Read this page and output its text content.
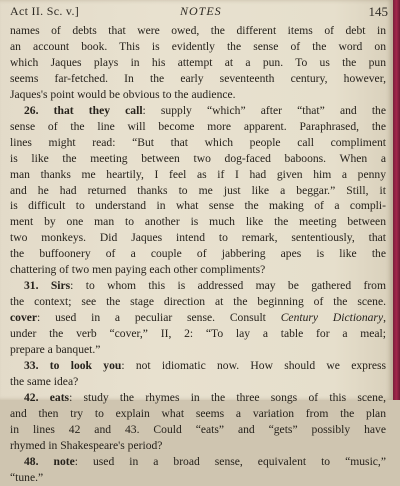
Act II. Sc. v.]	NOTES	145
names of debts that were owed, the different items of debt in
an account book. This is evidently the sense of the word on
which Jaques plays in his attempt at a pun. To us the pun
seems far-fetched. In the early seventeenth century, however,
Jaques's point would be obvious to the audience.
26. that they call: supply “which” after “that” and the
sense of the line will become more apparent. Paraphrased, the
lines might read: “But that which people call compliment
is like the meeting between two dog-faced baboons. When a
man thanks me heartily, I feel as if I had given him a penny
and he had returned thanks to me just like a beggar.” Still, it
is difficult to understand in what sense the making of a compli-
ment by one man to another is much like the meeting between
two monkeys. Did Jaques intend to remark, sententiously, that
the buffoonery of a couple of jabbering apes is like the
chattering of two men paying each other compliments?
31. Sirs: to whom this is addressed may be gathered from
the context; see the stage direction at the beginning of the scene.
cover: used in a peculiar sense. Consult Century Dictionary,
under the verb “cover,” II, 2: “To lay a table for a meal;
prepare a banquet.”
33. to look you: not idiomatic now. How should we express
the same idea?
42. eats: study the rhymes in the three songs of this scene,
and then try to explain what seems a variation from the plan
in lines 42 and 43. Could “eats” and “gets” possibly have
rhymed in Shakespeare's period?
48. note: used in a broad sense, equivalent to “music,”
“tune.”
